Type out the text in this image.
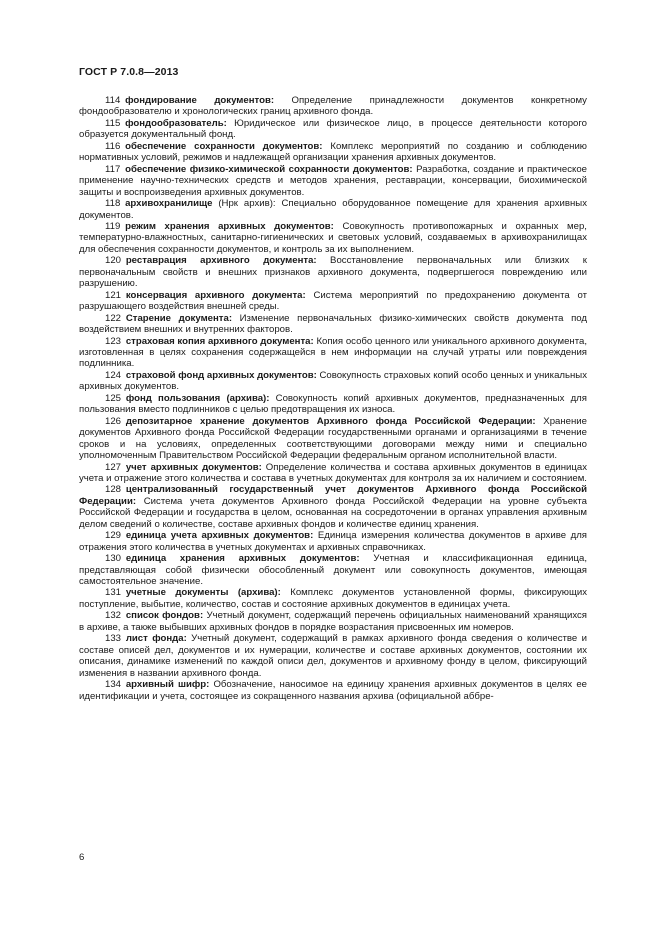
ГОСТ Р 7.0.8—2013

114  фондирование документов: Определение принадлежности документов конкретному фондообразователю и хронологических границ архивного фонда.

115  фондообразователь: Юридическое или физическое лицо, в процессе деятельности которого образуется документальный фонд.

116  обеспечение сохранности документов: Комплекс мероприятий по созданию и соблюдению нормативных условий, режимов и надлежащей организации хранения архивных документов.

117  обеспечение физико-химической сохранности документов: Разработка, создание и практическое применение научно-технических средств и методов хранения, реставрации, консервации, биохимической защиты и воспроизведения архивных документов.

118  архивохранилище (Нрк архив): Специально оборудованное помещение для хранения архивных документов.

119  режим хранения архивных документов: Совокупность противопожарных и охранных мер, температурно-влажностных, санитарно-гигиенических и световых условий, создаваемых в архивохранилищах для обеспечения сохранности документов, и контроль за их выполнением.

120  реставрация архивного документа: Восстановление первоначальных или близких к первоначальным свойств и внешних признаков архивного документа, подвергшегося повреждению или разрушению.

121  консервация архивного документа: Система мероприятий по предохранению документа от разрушающего воздействия внешней среды.

122  Старение документа: Изменение первоначальных физико-химических свойств документа под воздействием внешних и внутренних факторов.

123  страховая копия архивного документа: Копия особо ценного или уникального архивного документа, изготовленная в целях сохранения содержащейся в нем информации на случай утраты или повреждения подлинника.

124  страховой фонд архивных документов: Совокупность страховых копий особо ценных и уникальных архивных документов.

125  фонд пользования (архива): Совокупность копий архивных документов, предназначенных для пользования вместо подлинников с целью предотвращения их износа.

126  депозитарное хранение документов Архивного фонда Российской Федерации: Хранение документов Архивного фонда Российской Федерации государственными органами и организациями в течение сроков и на условиях, определенных соответствующими договорами между ними и специально уполномоченным Правительством Российской Федерации федеральным органом исполнительной власти.

127  учет архивных документов: Определение количества и состава архивных документов в единицах учета и отражение этого количества и состава в учетных документах для контроля за их наличием и состоянием.

128  централизованный государственный учет документов Архивного фонда Российской Федерации: Система учета документов Архивного фонда Российской Федерации на уровне субъекта Российской Федерации и государства в целом, основанная на сосредоточении в органах управления архивным делом сведений о количестве, составе архивных фондов и количестве единиц хранения.

129  единица учета архивных документов: Единица измерения количества документов в архиве для отражения этого количества в учетных документах и архивных справочниках.

130  единица хранения архивных документов: Учетная и классификационная единица, представляющая собой физически обособленный документ или совокупность документов, имеющая самостоятельное значение.

131  учетные документы (архива): Комплекс документов установленной формы, фиксирующих поступление, выбытие, количество, состав и состояние архивных документов в единицах учета.

132  список фондов: Учетный документ, содержащий перечень официальных наименований хранящихся в архиве, а также выбывших архивных фондов в порядке возрастания присвоенных им номеров.

133  лист фонда: Учетный документ, содержащий в рамках архивного фонда сведения о количестве и составе описей дел, документов и их нумерации, количестве и составе архивных документов, состоянии их описания, динамике изменений по каждой описи дел, документов и архивному фонду в целом, фиксирующий изменения в названии архивного фонда.

134  архивный шифр: Обозначение, наносимое на единицу хранения архивных документов в целях ее идентификации и учета, состоящее из сокращенного названия архива (официальной аббре-

6
